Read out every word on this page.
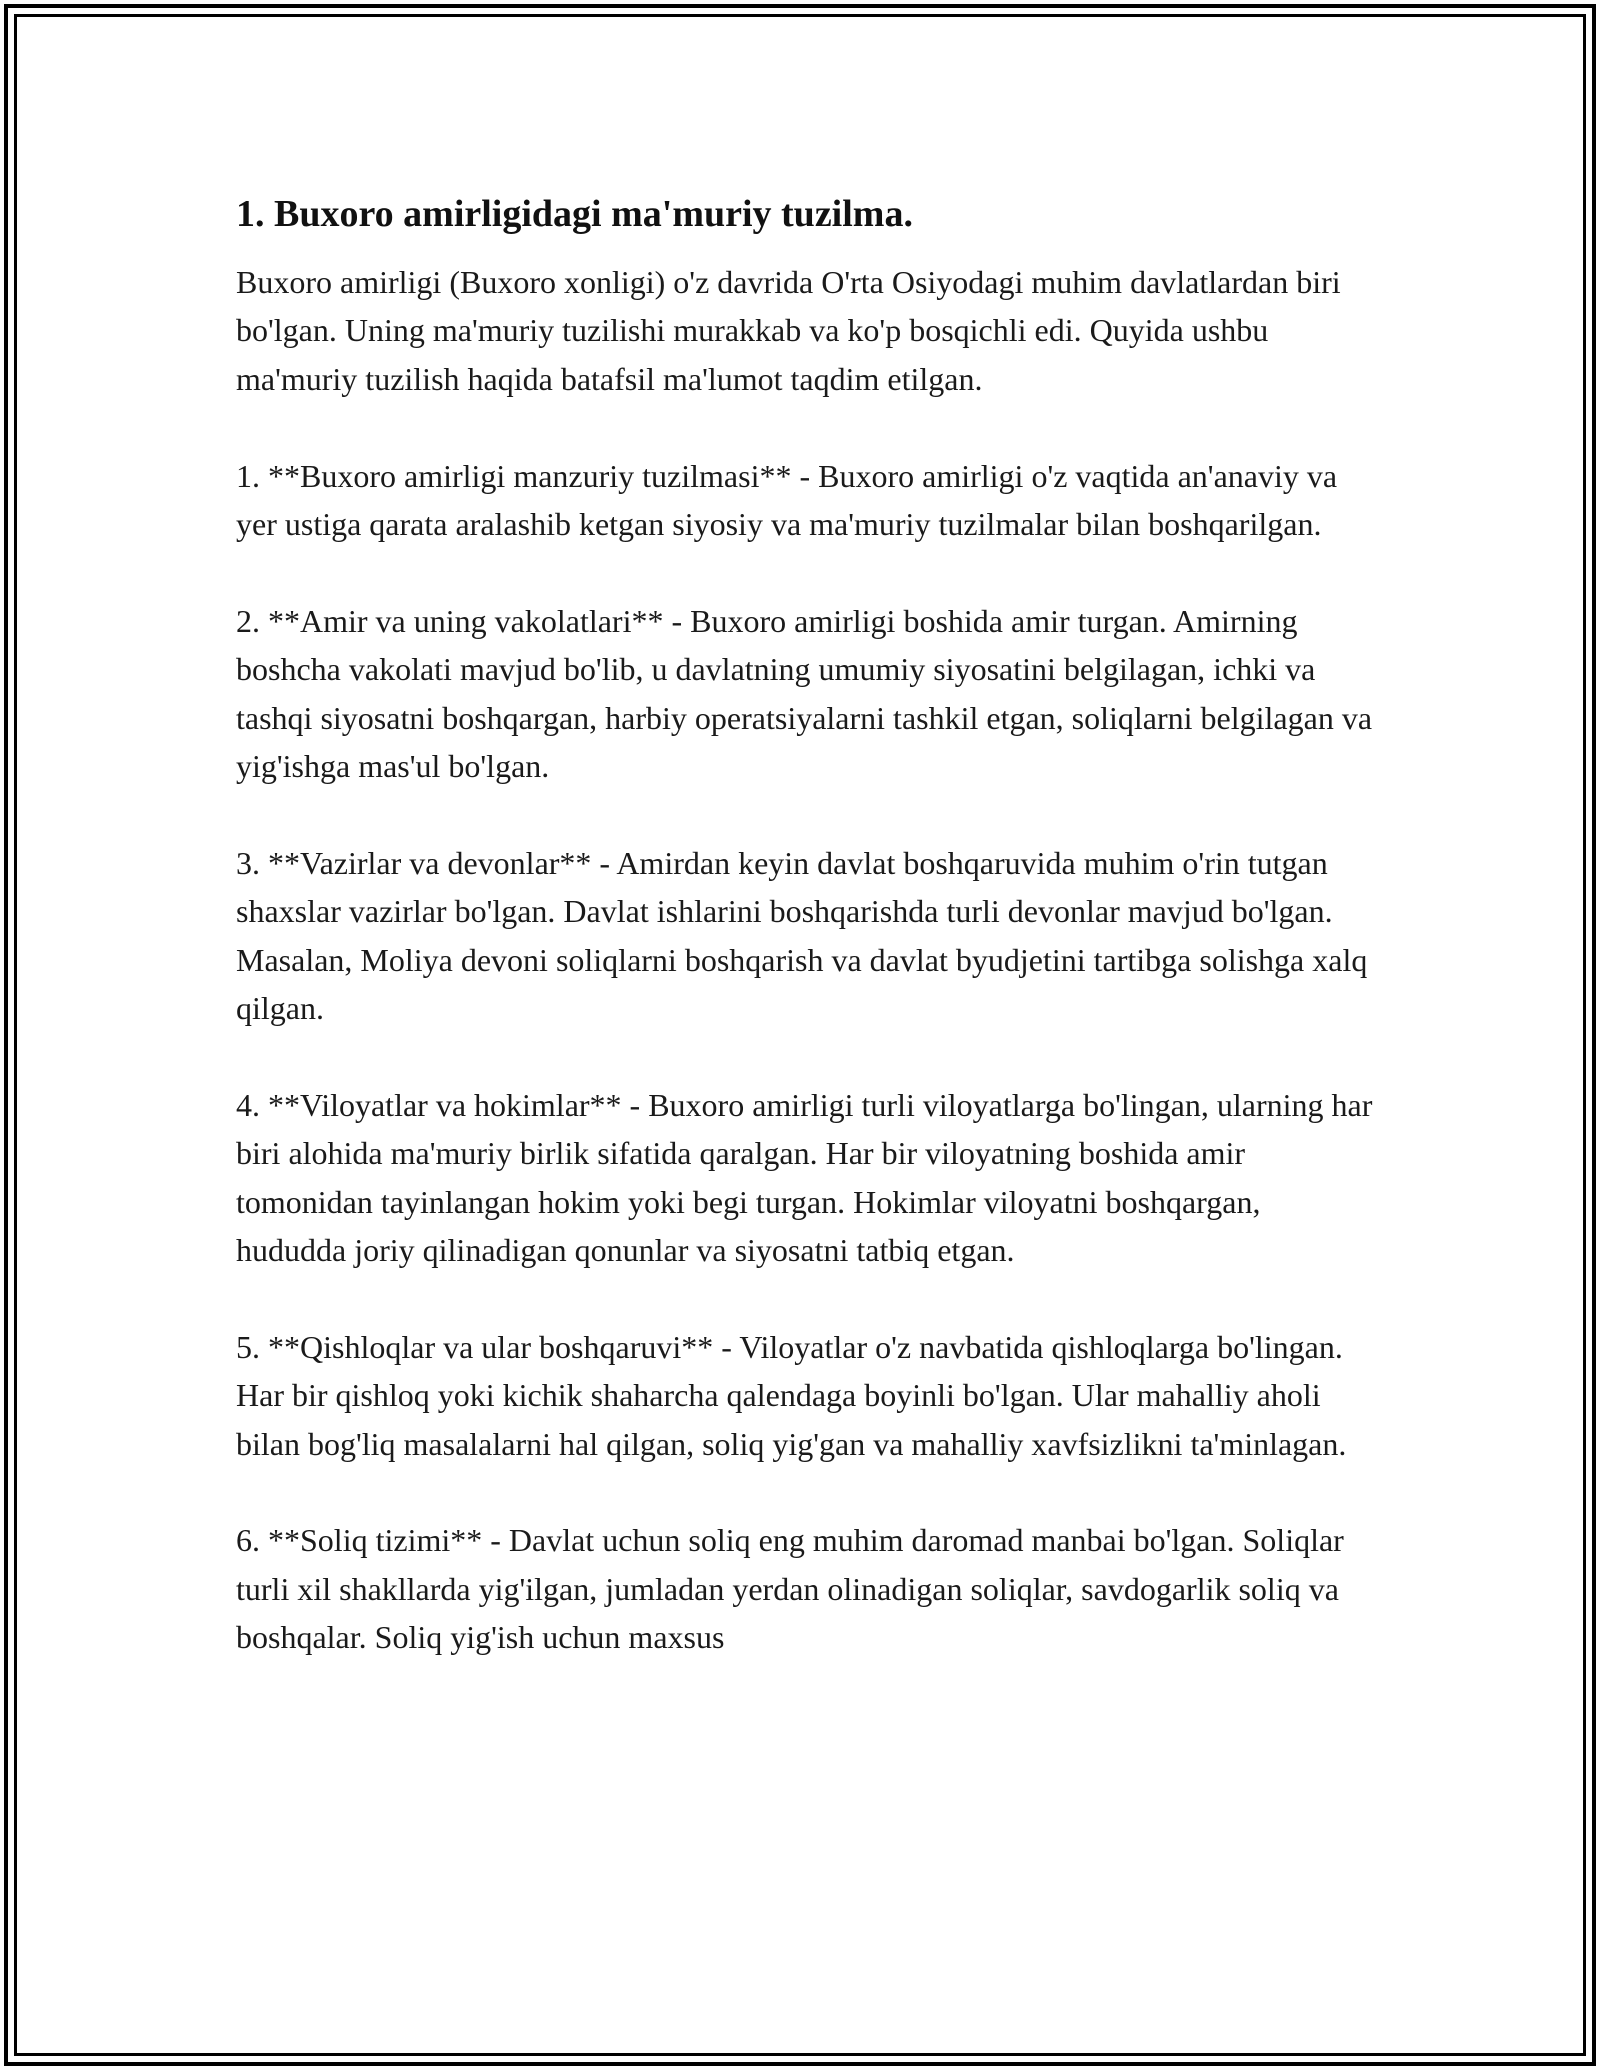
1. Buxoro amirligidagi ma'muriy tuzilma.

Buxoro amirligi (Buxoro xonligi) o'z davrida O'rta Osiyodagi muhim davlatlardan biri bo'lgan. Uning ma'muriy tuzilishi murakkab va ko'p bosqichli edi. Quyida ushbu ma'muriy tuzilish haqida batafsil ma'lumot taqdim etilgan.

1. **Buxoro amirligi manzuriy tuzilmasi** - Buxoro amirligi o'z vaqtida an'anaviy va yer ustiga qarata aralashib ketgan siyosiy va ma'muriy tuzilmalar bilan boshqarilgan.

2. **Amir va uning vakolatlari** - Buxoro amirligi boshida amir turgan. Amirning boshcha vakolati mavjud bo'lib, u davlatning umumiy siyosatini belgilagan, ichki va tashqi siyosatni boshqargan, harbiy operatsiyalarni tashkil etgan, soliqlarni belgilagan va yig'ishga mas'ul bo'lgan.

3. **Vazirlar va devonlar** - Amirdan keyin davlat boshqaruvida muhim o'rin tutgan shaxslar vazirlar bo'lgan. Davlat ishlarini boshqarishda turli devonlar mavjud bo'lgan. Masalan, Moliya devoni soliqlarni boshqarish va davlat byudjetini tartibga solishga xalq qilgan.

4. **Viloyatlar va hokimlar** - Buxoro amirligi turli viloyatlarga bo'lingan, ularning har biri alohida ma'muriy birlik sifatida qaralgan. Har bir viloyatning boshida amir tomonidan tayinlangan hokim yoki begi turgan. Hokimlar viloyatni boshqargan, hududda joriy qilinadigan qonunlar va siyosatni tatbiq etgan.

5. **Qishloqlar va ular boshqaruvi** - Viloyatlar o'z navbatida qishloqlarga bo'lingan. Har bir qishloq yoki kichik shaharcha qalendaga boyinli bo'lgan. Ular mahalliy aholi bilan bog'liq masalalarni hal qilgan, soliq yig'gan va mahalliy xavfsizlikni ta'minlagan.

6. **Soliq tizimi** - Davlat uchun soliq eng muhim daromad manbai bo'lgan. Soliqlar turli xil shakllarda yig'ilgan, jumladan yerdan olinadigan soliqlar, savdogarlik soliq va boshqalar. Soliq yig'ish uchun maxsus
